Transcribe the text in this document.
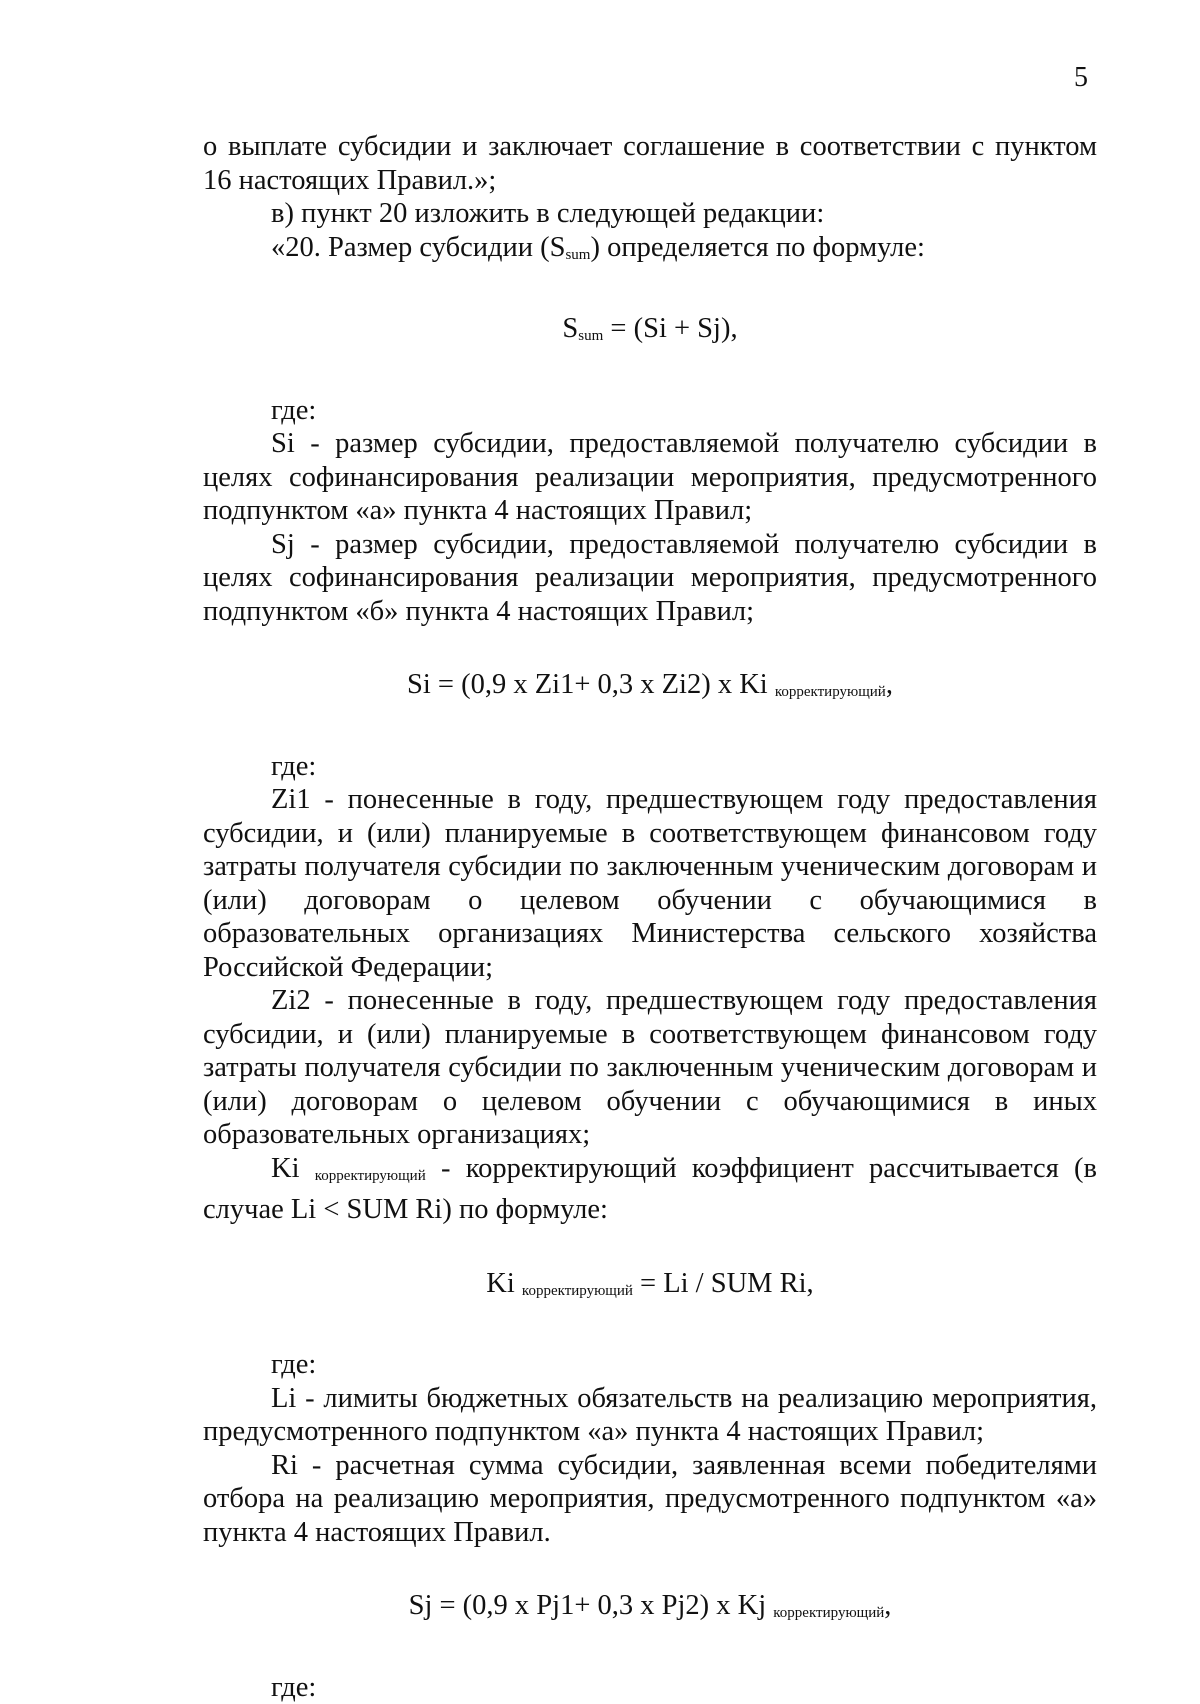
5

о выплате субсидии и заключает соглашение в соответствии с пунктом 16 настоящих Правил.»;

в) пункт 20 изложить в следующей редакции:

«20. Размер субсидии (Ssum) определяется по формуле:

Ssum = (Si + Sj),

где:

Si - размер субсидии, предоставляемой получателю субсидии в целях софинансирования реализации мероприятия, предусмотренного подпунктом «а» пункта 4 настоящих Правил;

Sj - размер субсидии, предоставляемой получателю субсидии в целях софинансирования реализации мероприятия, предусмотренного подпунктом «б» пункта 4 настоящих Правил;

Si = (0,9 x Zi1+ 0,3 x Zi2) x Ki $_{корректирующий}$,

где:

Zi1 - понесенные в году, предшествующем году предоставления субсидии, и (или) планируемые в соответствующем финансовом году затраты получателя субсидии по заключенным ученическим договорам и (или) договорам о целевом обучении с обучающимися в образовательных организациях Министерства сельского хозяйства Российской Федерации;

Zi2 - понесенные в году, предшествующем году предоставления субсидии, и (или) планируемые в соответствующем финансовом году затраты получателя субсидии по заключенным ученическим договорам и (или) договорам о целевом обучении с обучающимися в иных образовательных организациях;

Ki $_{корректирующий}$ - корректирующий коэффициент рассчитывается (в случае Li < SUM Ri) по формуле:

Ki $_{корректирующий}$ = Li / SUM Ri,

где:

Li - лимиты бюджетных обязательств на реализацию мероприятия, предусмотренного подпунктом «а» пункта 4 настоящих Правил;

Ri - расчетная сумма субсидии, заявленная всеми победителями отбора на реализацию мероприятия, предусмотренного подпунктом «а» пункта 4 настоящих Правил.

Sj = (0,9 x Pj1+ 0,3 x Pj2) x Kj $_{корректирующий}$,

где:
